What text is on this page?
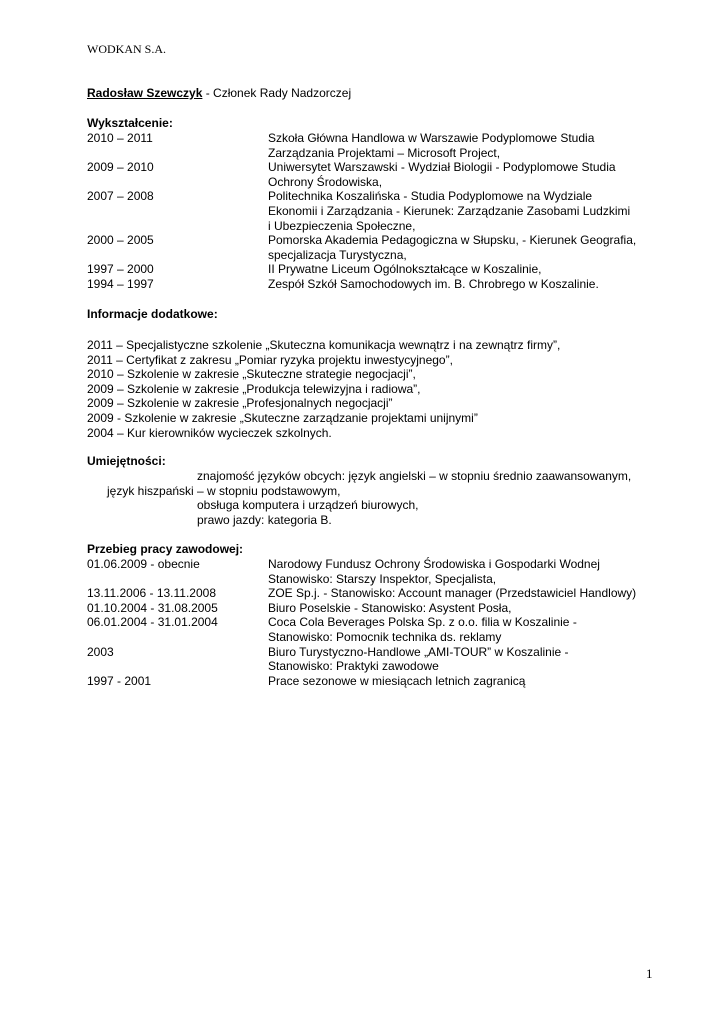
WODKAN S.A.
Radosław Szewczyk - Członek Rady Nadzorczej
Wykształcenie:
2010 – 2011	Szkoła Główna Handlowa w Warszawie Podyplomowe Studia
Zarządzania Projektami – Microsoft Project,
2009 – 2010	Uniwersytet Warszawski - Wydział Biologii - Podyplomowe Studia
Ochrony Środowiska,
2007 – 2008	Politechnika Koszalińska - Studia Podyplomowe na Wydziale
Ekonomii i Zarządzania - Kierunek: Zarządzanie Zasobami Ludzkimi
i Ubezpieczenia Społeczne,
2000 – 2005	Pomorska Akademia Pedagogiczna w Słupsku, - Kierunek Geografia,
specjalizacja Turystyczna,
1997 – 2000	II Prywatne Liceum Ogólnokształcące w Koszalinie,
1994 – 1997	Zespół Szkół Samochodowych im. B. Chrobrego w Koszalinie.
Informacje dodatkowe:
2011 – Specjalistyczne szkolenie „Skuteczna komunikacja wewnątrz i na zewnątrz firmy”,
2011 – Certyfikat z zakresu „Pomiar ryzyka projektu inwestycyjnego”,
2010 – Szkolenie w zakresie „Skuteczne strategie negocjacji”,
2009 – Szkolenie w zakresie „Produkcja telewizyjna i radiowa”,
2009 – Szkolenie w zakresie „Profesjonalnych negocjacji”
2009 - Szkolenie w zakresie „Skuteczne zarządzanie projektami unijnymi”
2004 – Kur kierowników wycieczek szkolnych.
Umiejętności:
znajomość języków obcych: język angielski – w stopniu średnio zaawansowanym,
język hiszpański – w stopniu podstawowym,
obsługa komputera i urządzeń biurowych,
prawo jazdy: kategoria B.
Przebieg pracy zawodowej:
01.06.2009 - obecnie	Narodowy Fundusz Ochrony Środowiska i Gospodarki Wodnej
Stanowisko: Starszy Inspektor, Specjalista,
13.11.2006 - 13.11.2008	ZOE Sp.j. - Stanowisko: Account manager (Przedstawiciel Handlowy)
01.10.2004 - 31.08.2005	Biuro Poselskie - Stanowisko: Asystent Posła,
06.01.2004 - 31.01.2004	Coca Cola Beverages Polska Sp. z o.o. filia w Koszalinie -
Stanowisko: Pomocnik technika ds. reklamy
2003	Biuro Turystyczno-Handlowe „AMI-TOUR” w Koszalinie -
Stanowisko: Praktyki zawodowe
1997 - 2001	Prace sezonowe w miesiącach letnich zagranicą
1
